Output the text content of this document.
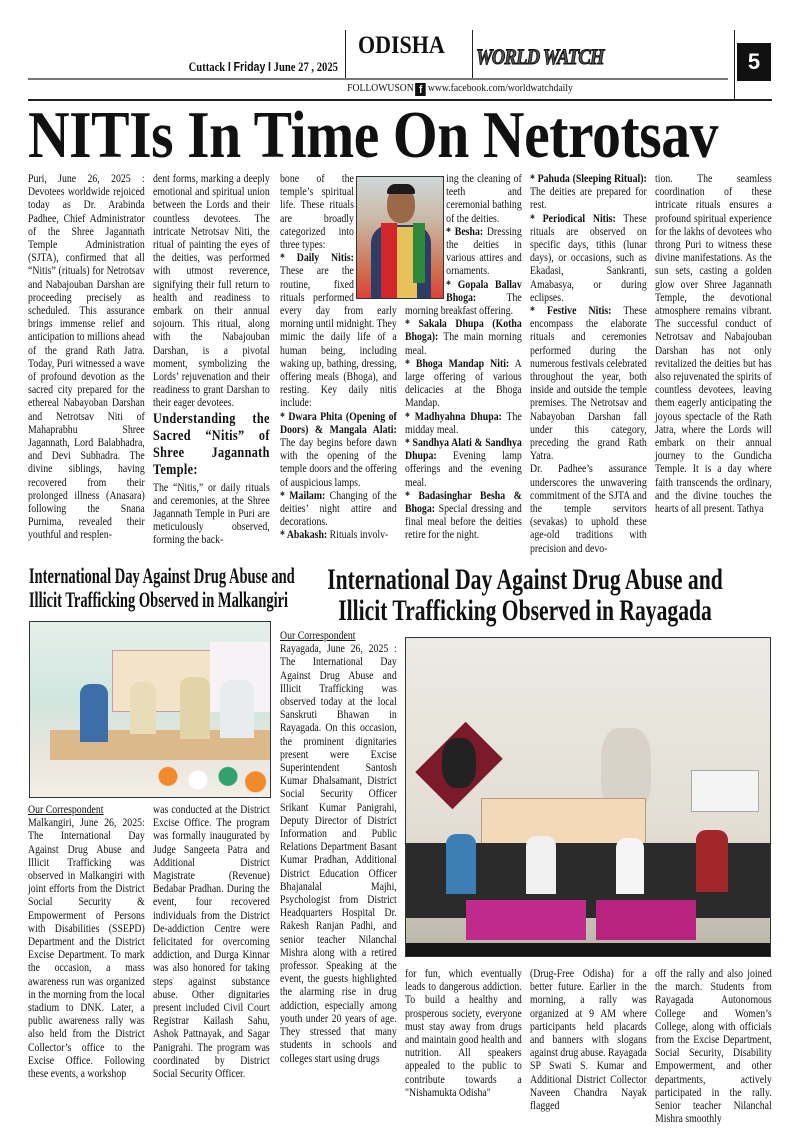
Cuttack I Friday I June 27 , 2025
ODISHA WORLD WATCH	5
FOLLOWUSON f www.facebook.com/worldwatchdaily
NITIs In Time On Netrotsav

Puri, June 26, 2025 : Devotees worldwide rejoiced today as Dr. Arabinda Padhee, Chief Administrator of the Shree Jagannath Temple Administration (SJTA), confirmed that all “Nitis” (rituals) for Netrotsav and Nabajouban Darshan are proceeding precisely as scheduled. This assurance brings immense relief and anticipation to millions ahead of the grand Rath Jatra. Today, Puri witnessed a wave of profound devotion as the sacred city prepared for the ethereal Nabayoban Darshan and Netrotsav Niti of Mahaprabhu Shree Jagannath, Lord Balabhadra, and Devi Subhadra. The divine siblings, having recovered from their prolonged illness (Anasara) following the Snana Purnima, revealed their youthful and resplen-

dent forms, marking a deeply emotional and spiritual union between the Lords and their countless devotees. The intricate Netrotsav Niti, the ritual of painting the eyes of the deities, was performed with utmost reverence, signifying their full return to health and readiness to embark on their annual sojourn. This ritual, along with the Nabajouban Darshan, is a pivotal moment, symbolizing the Lords’ rejuvenation and their readiness to grant Darshan to their eager devotees.

Understanding the Sacred “Nitis” of Shree Jagannath Temple:

The “Nitis,” or daily rituals and ceremonies, at the Shree Jagannath Temple in Puri are meticulously observed, forming the back-

bone of the temple’s spiritual life. These rituals are broadly categorized into three types:

* Daily Nitis: These are the routine, fixed rituals performed every day from early morning until midnight. They mimic the daily life of a human being, including waking up, bathing, dressing, offering meals (Bhoga), and resting. Key daily nitis include:

* Dwara Phita (Opening of Doors) & Mangala Alati: The day begins before dawn with the opening of the temple doors and the offering of auspicious lamps.

* Mailam: Changing of the deities’ night attire and decorations.

* Abakash: Rituals involv-

ing the cleaning of teeth and ceremonial bathing of the deities.

* Besha: Dressing the deities in various attires and ornaments.

* Gopala Ballav Bhoga: The morning breakfast offering.

* Sakala Dhupa (Kotha Bhoga): The main morning meal.

* Bhoga Mandap Niti: A large offering of various delicacies at the Bhoga Mandap.

* Madhyahna Dhupa: The midday meal.

* Sandhya Alati & Sandhya Dhupa: Evening lamp offerings and the evening meal.

* Badasinghar Besha & Bhoga: Special dressing and final meal before the deities retire for the night.

* Pahuda (Sleeping Ritual): The deities are prepared for rest.

* Periodical Nitis: These rituals are observed on specific days, tithis (lunar days), or occasions, such as Ekadasi, Sankranti, Amabasya, or during eclipses.

* Festive Nitis: These encompass the elaborate rituals and ceremonies performed during the numerous festivals celebrated throughout the year, both inside and outside the temple premises. The Netrotsav and Nabayoban Darshan fall under this category, preceding the grand Rath Yatra.

Dr. Padhee’s assurance underscores the unwavering commitment of the SJTA and the temple servitors (sevakas) to uphold these age-old traditions with precision and devo-

tion. The seamless coordination of these intricate rituals ensures a profound spiritual experience for the lakhs of devotees who throng Puri to witness these divine manifestations. As the sun sets, casting a golden glow over Shree Jagannath Temple, the devotional atmosphere remains vibrant. The successful conduct of Netrotsav and Nabajouban Darshan has not only revitalized the deities but has also rejuvenated the spirits of countless devotees, leaving them eagerly anticipating the joyous spectacle of the Rath Jatra, where the Lords will embark on their annual journey to the Gundicha Temple. It is a day where faith transcends the ordinary, and the divine touches the hearts of all present. Tathya

International Day Against Drug Abuse and
Illicit Trafficking Observed in Malkangiri

Our Correspondent

Malkangiri, June 26, 2025: The International Day Against Drug Abuse and Illicit Trafficking was observed in Malkangiri with joint efforts from the District Social Security & Empowerment of Persons with Disabilities (SSEPD) Department and the District Excise Department. To mark the occasion, a mass awareness run was organized in the morning from the local stadium to DNK. Later, a public awareness rally was also held from the District Collector’s office to the Excise Office. Following these events, a workshop

was conducted at the District Excise Office. The program was formally inaugurated by Judge Sangeeta Patra and Additional District Magistrate (Revenue) Bedabar Pradhan. During the event, four recovered individuals from the District De-addiction Centre were felicitated for overcoming addiction, and Durga Kinnar was also honored for taking steps against substance abuse. Other dignitaries present included Civil Court Registrar Kailash Sahu, Ashok Pattnayak, and Sagar Panigrahi. The program was coordinated by District Social Security Officer.

International Day Against Drug Abuse and
Illicit Trafficking Observed in Rayagada

Our Correspondent

Rayagada, June 26, 2025 : The International Day Against Drug Abuse and Illicit Trafficking was observed today at the local Sanskruti Bhawan in Rayagada. On this occasion, the prominent dignitaries present were Excise Superintendent Santosh Kumar Dhalsamant, District Social Security Officer Srikant Kumar Panigrahi, Deputy Director of District Information and Public Relations Department Basant Kumar Pradhan, Additional District Education Officer Bhajanalal Majhi, Psychologist from District Headquarters Hospital Dr. Rakesh Ranjan Padhi, and senior teacher Nilanchal Mishra along with a retired professor. Speaking at the event, the guests highlighted the alarming rise in drug addiction, especially among youth under 20 years of age. They stressed that many students in schools and colleges start using drugs

for fun, which eventually leads to dangerous addiction. To build a healthy and prosperous society, everyone must stay away from drugs and maintain good health and nutrition. All speakers appealed to the public to contribute towards a "Nishamukta Odisha"

(Drug-Free Odisha) for a better future. Earlier in the morning, a rally was organized at 9 AM where participants held placards and banners with slogans against drug abuse. Rayagada SP Swati S. Kumar and Additional District Collector Naveen Chandra Nayak flagged

off the rally and also joined the march. Students from Rayagada Autonomous College and Women’s College, along with officials from the Excise Department, Social Security, Disability Empowerment, and other departments, actively participated in the rally. Senior teacher Nilanchal Mishra smoothly
